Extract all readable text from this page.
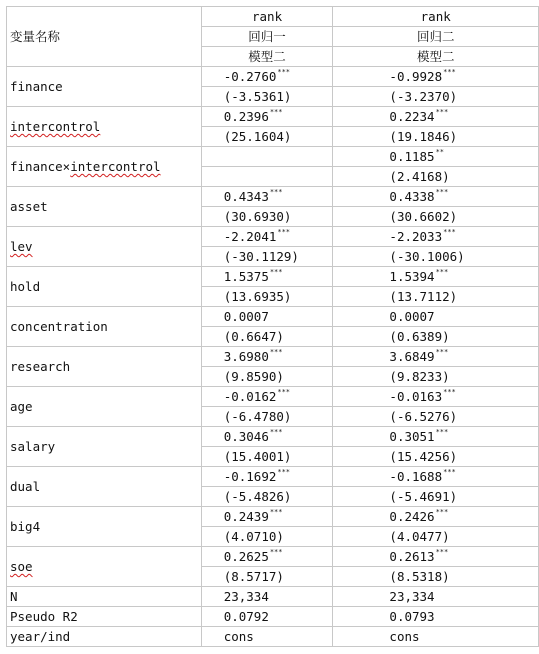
变量名称	rank	rank
	回归一	回归二
	模型二	模型二
finance	-0.2760***	-0.9928***
	(-3.5361)	(-3.2370)
intercontrol	0.2396***	0.2234***
	(25.1604)	(19.1846)
finance×intercontrol		0.1185**
		(2.4168)
asset	0.4343***	0.4338***
	(30.6930)	(30.6602)
lev	-2.2041***	-2.2033***
	(-30.1129)	(-30.1006)
hold	1.5375***	1.5394***
	(13.6935)	(13.7112)
concentration	0.0007	0.0007
	(0.6647)	(0.6389)
research	3.6980***	3.6849***
	(9.8590)	(9.8233)
age	-0.0162***	-0.0163***
	(-6.4780)	(-6.5276)
salary	0.3046***	0.3051***
	(15.4001)	(15.4256)
dual	-0.1692***	-0.1688***
	(-5.4826)	(-5.4691)
big4	0.2439***	0.2426***
	(4.0710)	(4.0477)
soe	0.2625***	0.2613***
	(8.5717)	(8.5318)
N	23,334	23,334
Pseudo R2	0.0792	0.0793
year/ind	cons	cons
